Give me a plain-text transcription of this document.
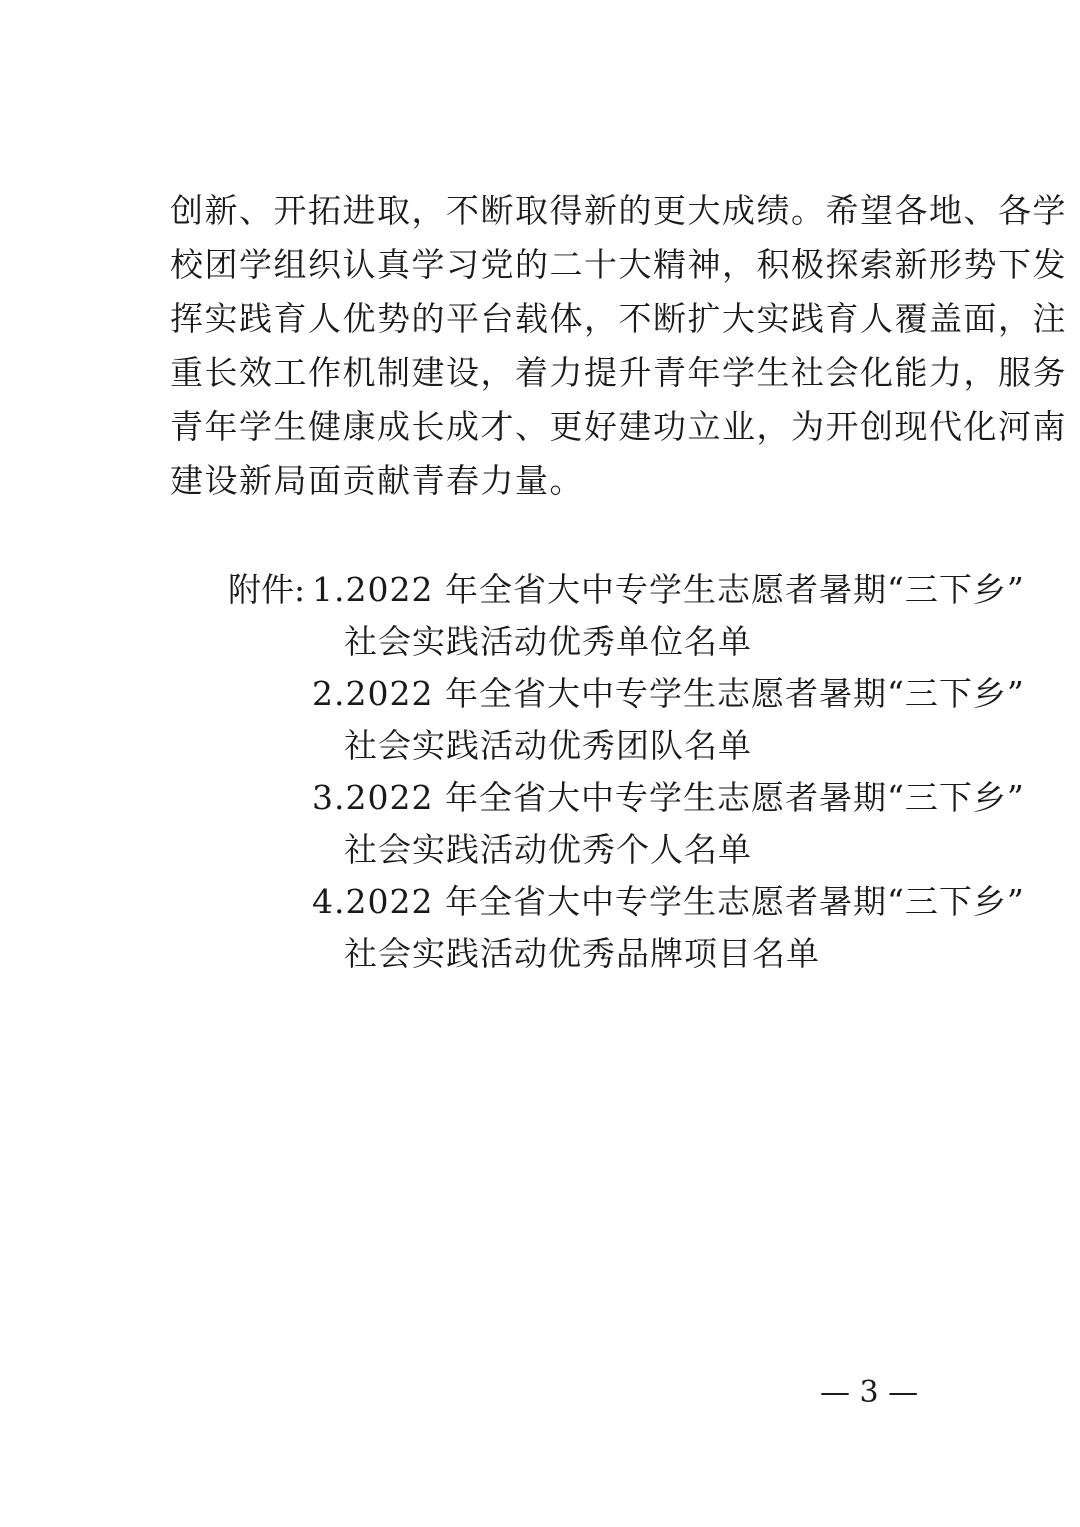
创新、开拓进取，不断取得新的更大成绩。希望各地、各学
校团学组织认真学习党的二十大精神，积极探索新形势下发
挥实践育人优势的平台载体，不断扩大实践育人覆盖面，注
重长效工作机制建设，着力提升青年学生社会化能力，服务
青年学生健康成长成才、更好建功立业，为开创现代化河南
建设新局面贡献青春力量。
附件: 1.2022 年全省大中专学生志愿者暑期“三下乡”
社会实践活动优秀单位名单
2.2022 年全省大中专学生志愿者暑期“三下乡”
社会实践活动优秀团队名单
3.2022 年全省大中专学生志愿者暑期“三下乡”
社会实践活动优秀个人名单
4.2022 年全省大中专学生志愿者暑期“三下乡”
社会实践活动优秀品牌项目名单
— 3 —
